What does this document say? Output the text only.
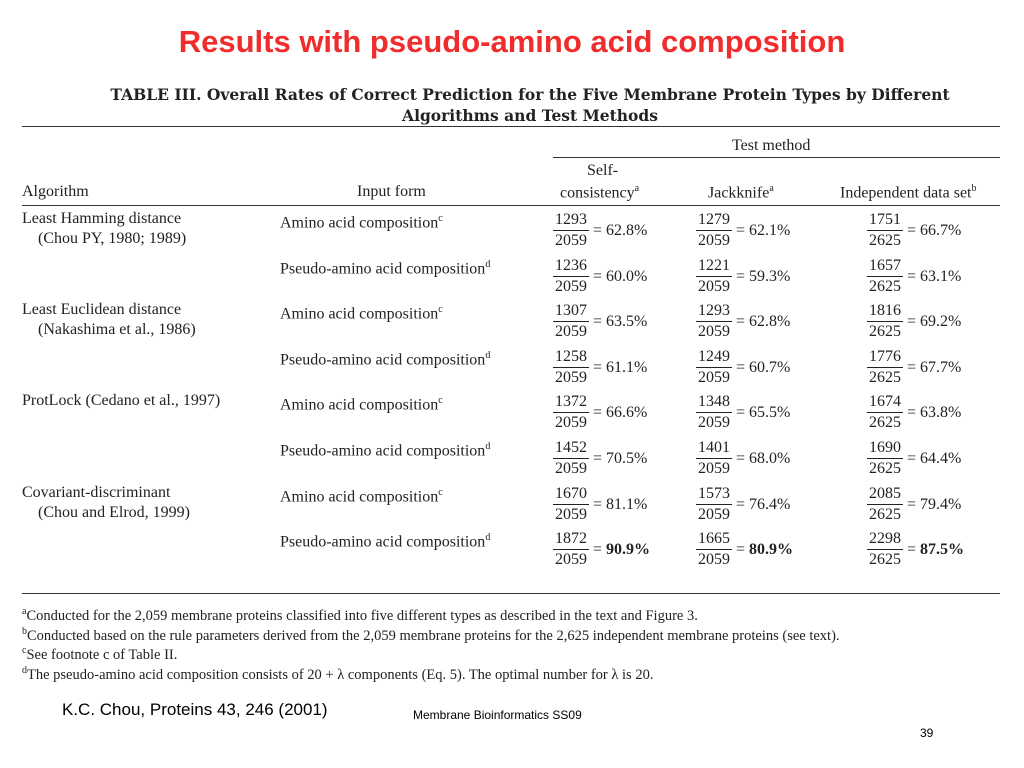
Results with pseudo-amino acid composition
TABLE III. Overall Rates of Correct Prediction for the Five Membrane Protein Types by Different
Algorithms and Test Methods
Test method
Algorithm	Input form
Self-
consistency$^a$	Jackknife$^a$	Independent data set$^b$
Least Hamming distance
(Chou PY, 1980; 1989)
Amino acid composition$^c$	$\frac{1293}{2059} = 62.8\%$	$\frac{1279}{2059} = 62.1\%$	$\frac{1751}{2625} = 66.7\%$
Pseudo-amino acid composition$^d$	$\frac{1236}{2059} = 60.0\%$	$\frac{1221}{2059} = 59.3\%$	$\frac{1657}{2625} = 63.1\%$
Least Euclidean distance
(Nakashima et al., 1986)
Amino acid composition$^c$	$\frac{1307}{2059} = 63.5\%$	$\frac{1293}{2059} = 62.8\%$	$\frac{1816}{2625} = 69.2\%$
Pseudo-amino acid composition$^d$	$\frac{1258}{2059} = 61.1\%$	$\frac{1249}{2059} = 60.7\%$	$\frac{1776}{2625} = 67.7\%$
ProtLock (Cedano et al., 1997)	Amino acid composition$^c$	$\frac{1372}{2059} = 66.6\%$	$\frac{1348}{2059} = 65.5\%$	$\frac{1674}{2625} = 63.8\%$
Pseudo-amino acid composition$^d$	$\frac{1452}{2059} = 70.5\%$	$\frac{1401}{2059} = 68.0\%$	$\frac{1690}{2625} = 64.4\%$
Covariant-discriminant
(Chou and Elrod, 1999)
Amino acid composition$^c$	$\frac{1670}{2059} = 81.1\%$	$\frac{1573}{2059} = 76.4\%$	$\frac{2085}{2625} = 79.4\%$
Pseudo-amino acid composition$^d$	$\frac{1872}{2059} = 90.9\%$	$\frac{1665}{2059} = 80.9\%$	$\frac{2298}{2625} = 87.5\%$
$^a$Conducted for the 2,059 membrane proteins classified into five different types as described in the text and Figure 3.
$^b$Conducted based on the rule parameters derived from the 2,059 membrane proteins for the 2,625 independent membrane proteins (see text).
$^c$See footnote c of Table II.
$^d$The pseudo-amino acid composition consists of 20 + λ components (Eq. 5). The optimal number for λ is 20.
K.C. Chou, Proteins 43, 246 (2001)	Membrane Bioinformatics SS09
39
